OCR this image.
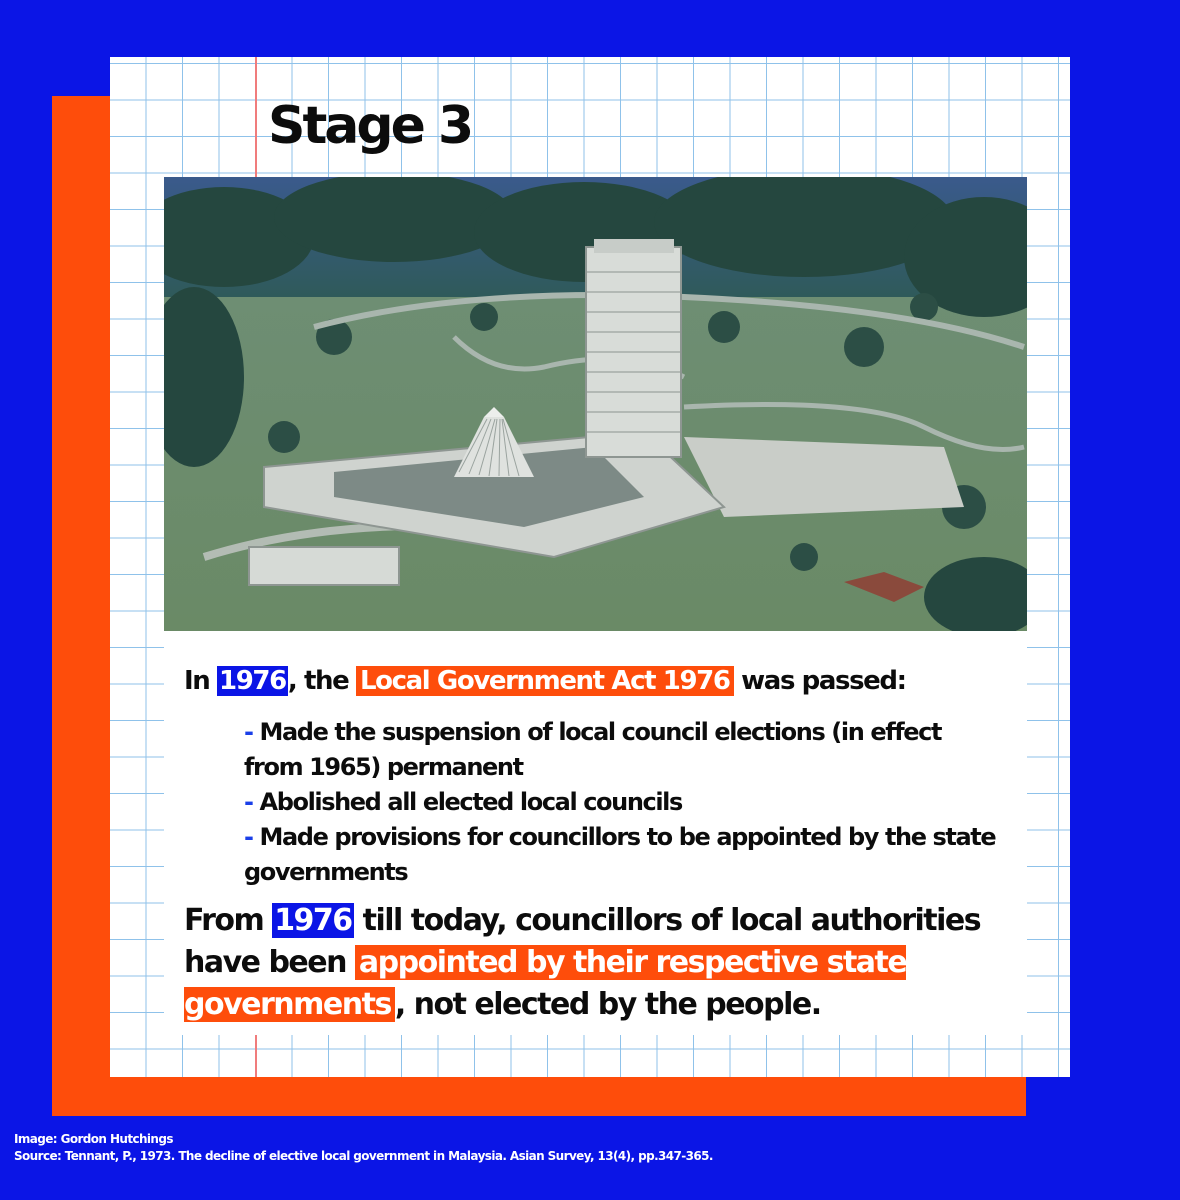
Stage 3
In 1976, the Local Government Act 1976 was passed:
- Made the suspension of local council elections (in effect from 1965) permanent
- Abolished all elected local councils
- Made provisions for councillors to be appointed by the state governments
From 1976 till today, councillors of local authorities have been appointed by their respective state governments , not elected by the people.
Image: Gordon Hutchings
Source: Tennant, P., 1973. The decline of elective local government in Malaysia. Asian Survey, 13(4), pp.347-365.
